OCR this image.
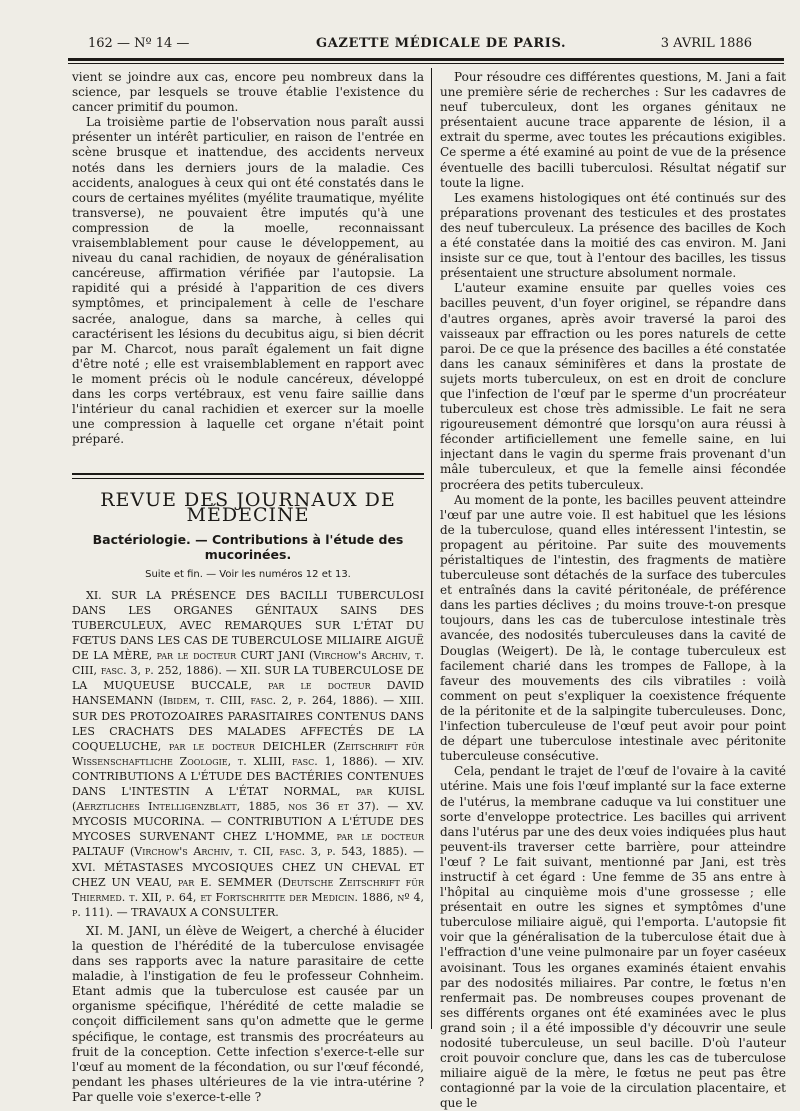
162 — Nº 14 —	GAZETTE MÉDICALE DE PARIS.	3 AVRIL 1886

vient se joindre aux cas, encore peu nombreux dans la science, par lesquels se trouve établie l'existence du cancer primitif du poumon.

La troisième partie de l'observation nous paraît aussi présenter un intérêt particulier, en raison de l'entrée en scène brusque et inattendue, des accidents nerveux notés dans les derniers jours de la maladie. Ces accidents, analogues à ceux qui ont été constatés dans le cours de certaines myélites (myélite traumatique, myélite transverse), ne pouvaient être imputés qu'à une compression de la moelle, reconnaissant vraisemblablement pour cause le développement, au niveau du canal rachidien, de noyaux de généralisation cancéreuse, affirmation vérifiée par l'autopsie. La rapidité qui a présidé à l'apparition de ces divers symptômes, et principalement à celle de l'eschare sacrée, analogue, dans sa marche, à celles qui caractérisent les lésions du decubitus aigu, si bien décrit par M. Charcot, nous paraît également un fait digne d'être noté ; elle est vraisemblablement en rapport avec le moment précis où le nodule cancéreux, développé dans les corps vertébraux, est venu faire saillie dans l'intérieur du canal rachidien et exercer sur la moelle une compression à laquelle cet organe n'était point préparé.

REVUE DES JOURNAUX DE MÉDECINE
Bactériologie. — Contributions à l'étude des mucorinées.
Suite et fin. — Voir les numéros 12 et 13.

XI. SUR LA PRÉSENCE DES BACILLI TUBERCULOSI DANS LES ORGANES GÉNITAUX SAINS DES TUBERCULEUX, AVEC REMARQUES SUR L'ÉTAT DU FŒTUS DANS LES CAS DE TUBERCULOSE MILIAIRE AIGUË DE LA MÈRE, par le docteur CURT JANI (Virchow's Archiv, t. CIII, fasc. 3, p. 252, 1886). — XII. SUR LA TUBERCULOSE DE LA MUQUEUSE BUCCALE, par le docteur DAVID HANSEMANN (Ibidem, t. CIII, fasc. 2, p. 264, 1886). — XIII. SUR DES PROTOZOAIRES PARASITAIRES CONTENUS DANS LES CRACHATS DES MALADES AFFECTÉS DE LA COQUELUCHE, par le docteur DEICHLER (Zeitschrift für Wissenschaftliche Zoologie, t. XLIII, fasc. 1, 1886). — XIV. CONTRIBUTIONS A L'ÉTUDE DES BACTÉRIES CONTENUES DANS L'INTESTIN A L'ÉTAT NORMAL, par KUISL (Aerztliches Intelligenzblatt, 1885, nos 36 et 37). — XV. MYCOSIS MUCORINA. — CONTRIBUTION A L'ÉTUDE DES MYCOSES SURVENANT CHEZ L'HOMME, par le docteur PALTAUF (Virchow's Archiv, t. CII, fasc. 3, p. 543, 1885). — XVI. MÉTASTASES MYCOSIQUES CHEZ UN CHEVAL ET CHEZ UN VEAU, par E. SEMMER (Deutsche Zeitschrift für Thiermed. t. XII, p. 64, et Fortschritte der Medicin. 1886, nº 4, p. 111). — TRAVAUX A CONSULTER.

XI. M. JANI, un élève de Weigert, a cherché à élucider la question de l'hérédité de la tuberculose envisagée dans ses rapports avec la nature parasitaire de cette maladie, à l'instigation de feu le professeur Cohnheim. Etant admis que la tuberculose est causée par un organisme spécifique, l'hérédité de cette maladie se conçoit difficilement sans qu'on admette que le germe spécifique, le contage, est transmis des procréateurs au fruit de la conception. Cette infection s'exerce-t-elle sur l'œuf au moment de la fécondation, ou sur l'œuf fécondé, pendant les phases ultérieures de la vie intra-utérine ? Par quelle voie s'exerce-t-elle ?

Pour résoudre ces différentes questions, M. Jani a fait une première série de recherches : Sur les cadavres de neuf tuberculeux, dont les organes génitaux ne présentaient aucune trace apparente de lésion, il a extrait du sperme, avec toutes les précautions exigibles. Ce sperme a été examiné au point de vue de la présence éventuelle des bacilli tuberculosi. Résultat négatif sur toute la ligne.

Les examens histologiques ont été continués sur des préparations provenant des testicules et des prostates des neuf tuberculeux. La présence des bacilles de Koch a été constatée dans la moitié des cas environ. M. Jani insiste sur ce que, tout à l'entour des bacilles, les tissus présentaient une structure absolument normale.

L'auteur examine ensuite par quelles voies ces bacilles peuvent, d'un foyer originel, se répandre dans d'autres organes, après avoir traversé la paroi des vaisseaux par effraction ou les pores naturels de cette paroi. De ce que la présence des bacilles a été constatée dans les canaux séminifères et dans la prostate de sujets morts tuberculeux, on est en droit de conclure que l'infection de l'œuf par le sperme d'un procréateur tuberculeux est chose très admissible. Le fait ne sera rigoureusement démontré que lorsqu'on aura réussi à féconder artificiellement une femelle saine, en lui injectant dans le vagin du sperme frais provenant d'un mâle tuberculeux, et que la femelle ainsi fécondée procréera des petits tuberculeux.

Au moment de la ponte, les bacilles peuvent atteindre l'œuf par une autre voie. Il est habituel que les lésions de la tuberculose, quand elles intéressent l'intestin, se propagent au péritoine. Par suite des mouvements péristaltiques de l'intestin, des fragments de matière tuberculeuse sont détachés de la surface des tubercules et entraînés dans la cavité péritonéale, de préférence dans les parties déclives ; du moins trouve-t-on presque toujours, dans les cas de tuberculose intestinale très avancée, des nodosités tuberculeuses dans la cavité de Douglas (Weigert). De là, le contage tuberculeux est facilement charié dans les trompes de Fallope, à la faveur des mouvements des cils vibratiles : voilà comment on peut s'expliquer la coexistence fréquente de la péritonite et de la salpingite tuberculeuses. Donc, l'infection tuberculeuse de l'œuf peut avoir pour point de départ une tuberculose intestinale avec péritonite tuberculeuse consécutive.

Cela, pendant le trajet de l'œuf de l'ovaire à la cavité utérine. Mais une fois l'œuf implanté sur la face externe de l'utérus, la membrane caduque va lui constituer une sorte d'enveloppe protectrice. Les bacilles qui arrivent dans l'utérus par une des deux voies indiquées plus haut peuvent-ils traverser cette barrière, pour atteindre l'œuf ? Le fait suivant, mentionné par Jani, est très instructif à cet égard : Une femme de 35 ans entre à l'hôpital au cinquième mois d'une grossesse ; elle présentait en outre les signes et symptômes d'une tuberculose miliaire aiguë, qui l'emporta. L'autopsie fit voir que la généralisation de la tuberculose était due à l'effraction d'une veine pulmonaire par un foyer caséeux avoisinant. Tous les organes examinés étaient envahis par des nodosités miliaires. Par contre, le fœtus n'en renfermait pas. De nombreuses coupes provenant de ses différents organes ont été examinées avec le plus grand soin ; il a été impossible d'y découvrir une seule nodosité tuberculeuse, un seul bacille. D'où l'auteur croit pouvoir conclure que, dans les cas de tuberculose miliaire aiguë de la mère, le fœtus ne peut pas être contagionné par la voie de la circulation placentaire, et que le
